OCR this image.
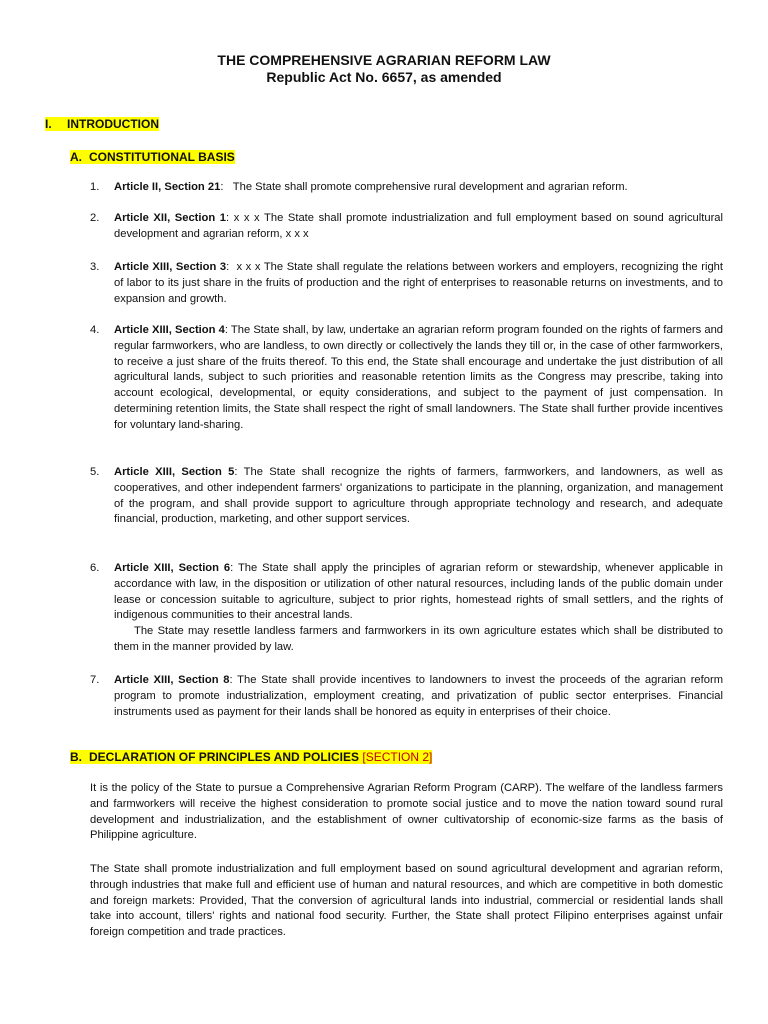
THE COMPREHENSIVE AGRARIAN REFORM LAW
Republic Act No. 6657, as amended
I. INTRODUCTION
A. CONSTITUTIONAL BASIS
1. Article II, Section 21: The State shall promote comprehensive rural development and agrarian reform.
2. Article XII, Section 1: x x x The State shall promote industrialization and full employment based on sound agricultural development and agrarian reform, x x x
3. Article XIII, Section 3: x x x The State shall regulate the relations between workers and employers, recognizing the right of labor to its just share in the fruits of production and the right of enterprises to reasonable returns on investments, and to expansion and growth.
4. Article XIII, Section 4: The State shall, by law, undertake an agrarian reform program founded on the rights of farmers and regular farmworkers, who are landless, to own directly or collectively the lands they till or, in the case of other farmworkers, to receive a just share of the fruits thereof. To this end, the State shall encourage and undertake the just distribution of all agricultural lands, subject to such priorities and reasonable retention limits as the Congress may prescribe, taking into account ecological, developmental, or equity considerations, and subject to the payment of just compensation. In determining retention limits, the State shall respect the right of small landowners. The State shall further provide incentives for voluntary land-sharing.
5. Article XIII, Section 5: The State shall recognize the rights of farmers, farmworkers, and landowners, as well as cooperatives, and other independent farmers' organizations to participate in the planning, organization, and management of the program, and shall provide support to agriculture through appropriate technology and research, and adequate financial, production, marketing, and other support services.
6. Article XIII, Section 6: The State shall apply the principles of agrarian reform or stewardship, whenever applicable in accordance with law, in the disposition or utilization of other natural resources, including lands of the public domain under lease or concession suitable to agriculture, subject to prior rights, homestead rights of small settlers, and the rights of indigenous communities to their ancestral lands.
The State may resettle landless farmers and farmworkers in its own agriculture estates which shall be distributed to them in the manner provided by law.
7. Article XIII, Section 8: The State shall provide incentives to landowners to invest the proceeds of the agrarian reform program to promote industrialization, employment creating, and privatization of public sector enterprises. Financial instruments used as payment for their lands shall be honored as equity in enterprises of their choice.
B. DECLARATION OF PRINCIPLES AND POLICIES [SECTION 2]
It is the policy of the State to pursue a Comprehensive Agrarian Reform Program (CARP). The welfare of the landless farmers and farmworkers will receive the highest consideration to promote social justice and to move the nation toward sound rural development and industrialization, and the establishment of owner cultivatorship of economic-size farms as the basis of Philippine agriculture.
The State shall promote industrialization and full employment based on sound agricultural development and agrarian reform, through industries that make full and efficient use of human and natural resources, and which are competitive in both domestic and foreign markets: Provided, That the conversion of agricultural lands into industrial, commercial or residential lands shall take into account, tillers' rights and national food security. Further, the State shall protect Filipino enterprises against unfair foreign competition and trade practices.
